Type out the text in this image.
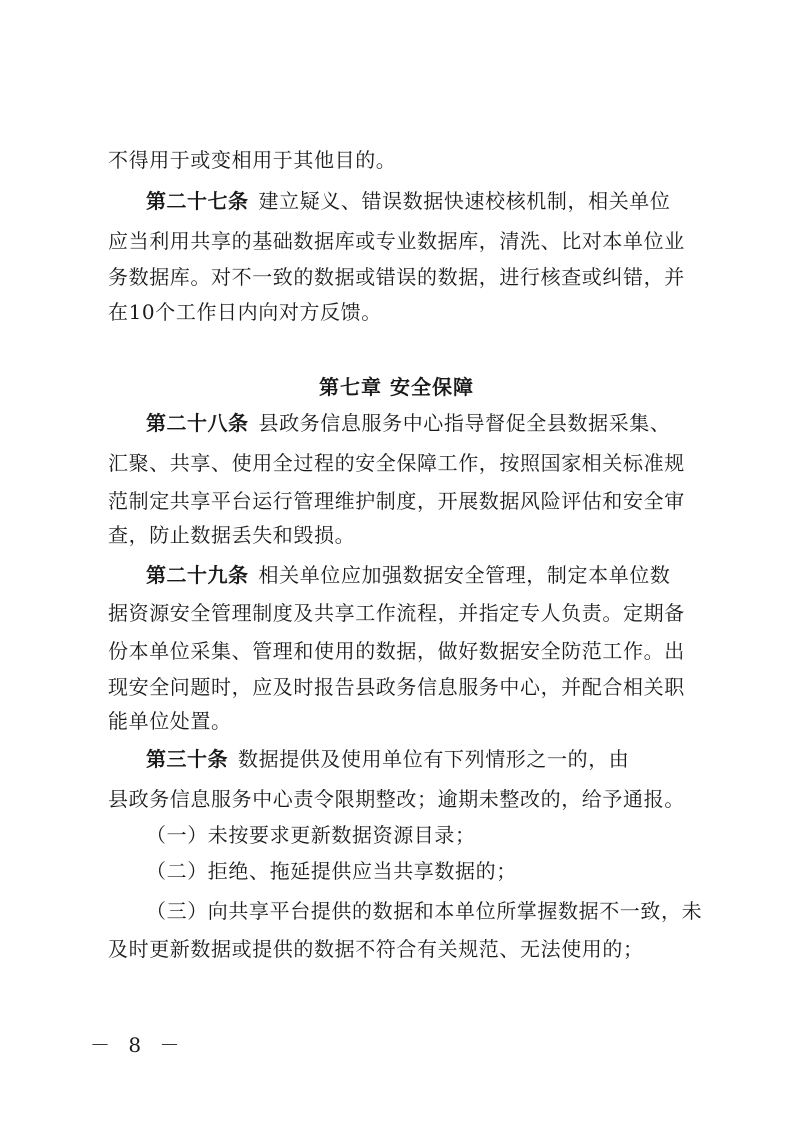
不得用于或变相用于其他目的。
第二十七条 建立疑义、错误数据快速校核机制，相关单位
应当利用共享的基础数据库或专业数据库，清洗、比对本单位业
务数据库。对不一致的数据或错误的数据，进行核查或纠错，并
在10个工作日内向对方反馈。
第七章 安全保障
第二十八条 县政务信息服务中心指导督促全县数据采集、
汇聚、共享、使用全过程的安全保障工作，按照国家相关标准规
范制定共享平台运行管理维护制度，开展数据风险评估和安全审
查，防止数据丢失和毁损。
第二十九条 相关单位应加强数据安全管理，制定本单位数
据资源安全管理制度及共享工作流程，并指定专人负责。定期备
份本单位采集、管理和使用的数据，做好数据安全防范工作。出
现安全问题时，应及时报告县政务信息服务中心，并配合相关职
能单位处置。
第三十条 数据提供及使用单位有下列情形之一的，由
县政务信息服务中心责令限期整改；逾期未整改的，给予通报。
（一）未按要求更新数据资源目录；
（二）拒绝、拖延提供应当共享数据的；
（三）向共享平台提供的数据和本单位所掌握数据不一致，未
及时更新数据或提供的数据不符合有关规范、无法使用的；
－ 8 －
